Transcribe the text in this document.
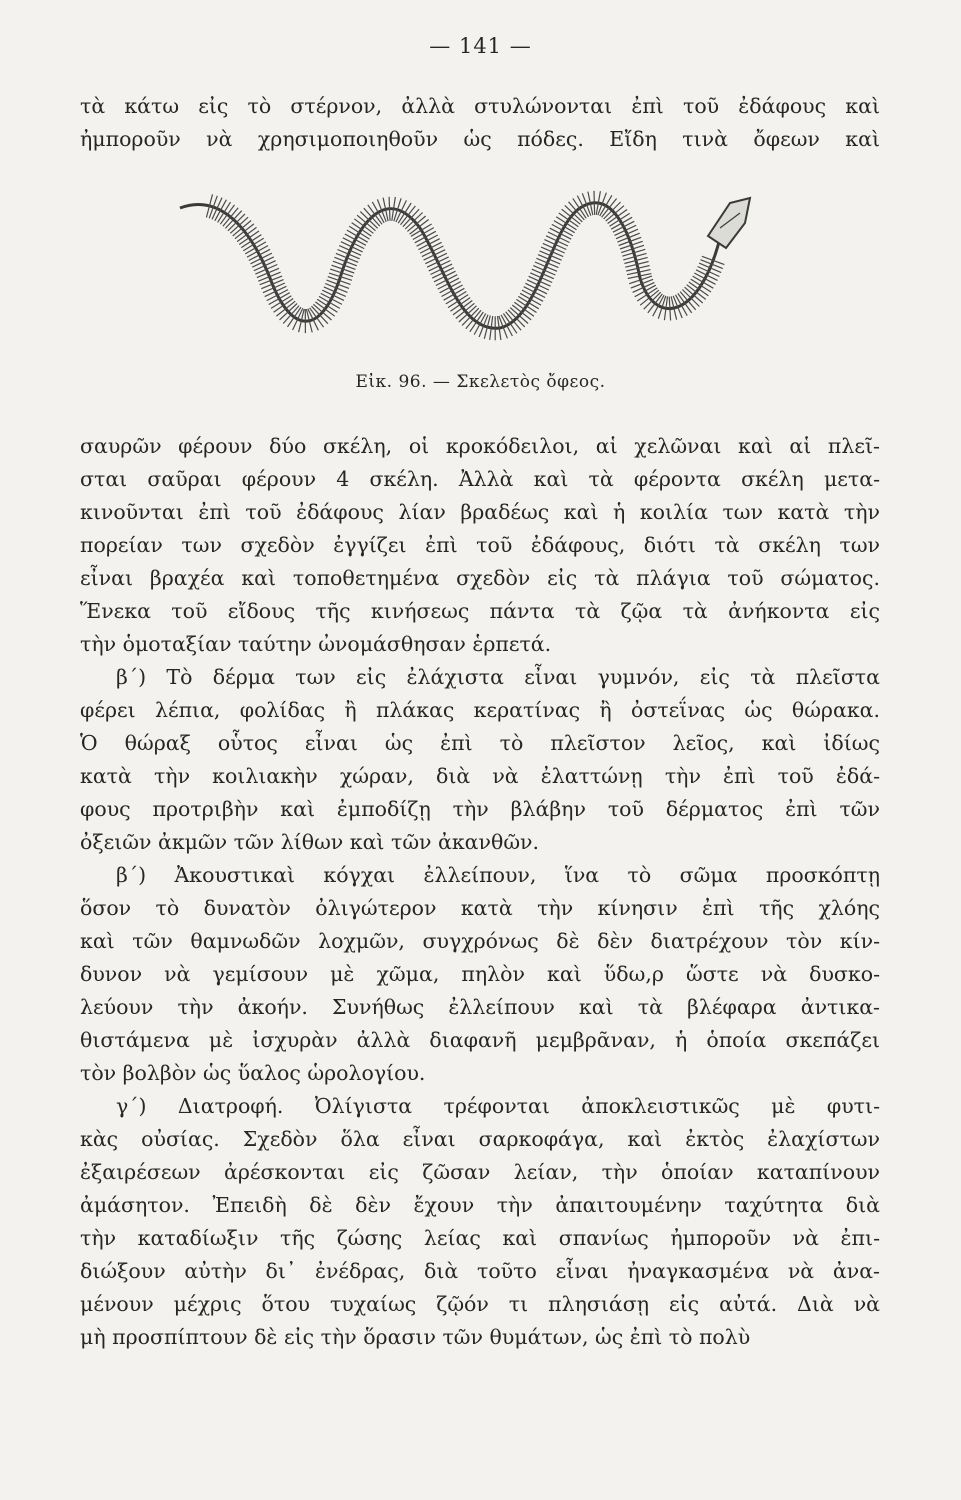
— 141 —
τὰ κάτω εἰς τὸ στέρνον, ἀλλὰ στυλώνονται ἐπὶ τοῦ ἐδάφους καὶ
ἠμποροῦν νὰ χρησιμοποιηθοῦν ὡς πόδες. Εἴδη τινὰ ὄφεων καὶ
Εἰκ. 96. — Σκελετὸς ὄφεος.
σαυρῶν φέρουν δύο σκέλη, οἱ κροκόδειλοι, αἱ χελῶναι καὶ αἱ πλεῖ-
σται σαῦραι φέρουν 4 σκέλη. Ἀλλὰ καὶ τὰ φέροντα σκέλη μετα-
κινοῦνται ἐπὶ τοῦ ἐδάφους λίαν βραδέως καὶ ἡ κοιλία των κατὰ τὴν
πορείαν των σχεδὸν ἐγγίζει ἐπὶ τοῦ ἐδάφους, διότι τὰ σκέλη των
εἶναι βραχέα καὶ τοποθετημένα σχεδὸν εἰς τὰ πλάγια τοῦ σώματος.
Ἕνεκα τοῦ εἴδους τῆς κινήσεως πάντα τὰ ζῷα τὰ ἀνήκοντα εἰς
τὴν ὁμοταξίαν ταύτην ὠνομάσθησαν ἑρπετά.
β΄) Τὸ δέρμα των εἰς ἐλάχιστα εἶναι γυμνόν, εἰς τὰ πλεῖστα
φέρει λέπια, φολίδας ἢ πλάκας κερατίνας ἢ ὀστεΐνας ὡς θώρακα.
Ὁ θώραξ οὗτος εἶναι ὡς ἐπὶ τὸ πλεῖστον λεῖος, καὶ ἰδίως
κατὰ τὴν κοιλιακὴν χώραν, διὰ νὰ ἐλαττώνῃ τὴν ἐπὶ τοῦ ἐδά-
φους προτριβὴν καὶ ἐμποδίζῃ τὴν βλάβην τοῦ δέρματος ἐπὶ τῶν
ὀξειῶν ἀκμῶν τῶν λίθων καὶ τῶν ἀκανθῶν.
β΄) Ἀκουστικαὶ κόγχαι ἐλλείπουν, ἵνα τὸ σῶμα προσκόπτῃ
ὅσον τὸ δυνατὸν ὀλιγώτερον κατὰ τὴν κίνησιν ἐπὶ τῆς χλόης
καὶ τῶν θαμνωδῶν λοχμῶν, συγχρόνως δὲ δὲν διατρέχουν τὸν κίν-
δυνον νὰ γεμίσουν μὲ χῶμα, πηλὸν καὶ ὕδω,ρ ὥστε νὰ δυσκο-
λεύουν τὴν ἀκοήν. Συνήθως ἐλλείπουν καὶ τὰ βλέφαρα ἀντικα-
θιστάμενα μὲ ἰσχυρὰν ἀλλὰ διαφανῆ μεμβρᾶναν, ἡ ὁποία σκεπάζει
τὸν βολβὸν ὡς ὕαλος ὡρολογίου.
γ΄) Διατροφή. Ὀλίγιστα τρέφονται ἀποκλειστικῶς μὲ φυτι-
κὰς οὐσίας. Σχεδὸν ὅλα εἶναι σαρκοφάγα, καὶ ἐκτὸς ἐλαχίστων
ἐξαιρέσεων ἀρέσκονται εἰς ζῶσαν λείαν, τὴν ὁποίαν καταπίνουν
ἀμάσητον. Ἐπειδὴ δὲ δὲν ἔχουν τὴν ἀπαιτουμένην ταχύτητα διὰ
τὴν καταδίωξιν τῆς ζώσης λείας καὶ σπανίως ἠμποροῦν νὰ ἐπι-
διώξουν αὐτὴν δι᾽ ἐνέδρας, διὰ τοῦτο εἶναι ἠναγκασμένα νὰ ἀνα-
μένουν μέχρις ὅτου τυχαίως ζῷόν τι πλησιάσῃ εἰς αὐτά. Διὰ νὰ
μὴ προσπίπτουν δὲ εἰς τὴν ὅρασιν τῶν θυμάτων, ὡς ἐπὶ τὸ πολὺ
